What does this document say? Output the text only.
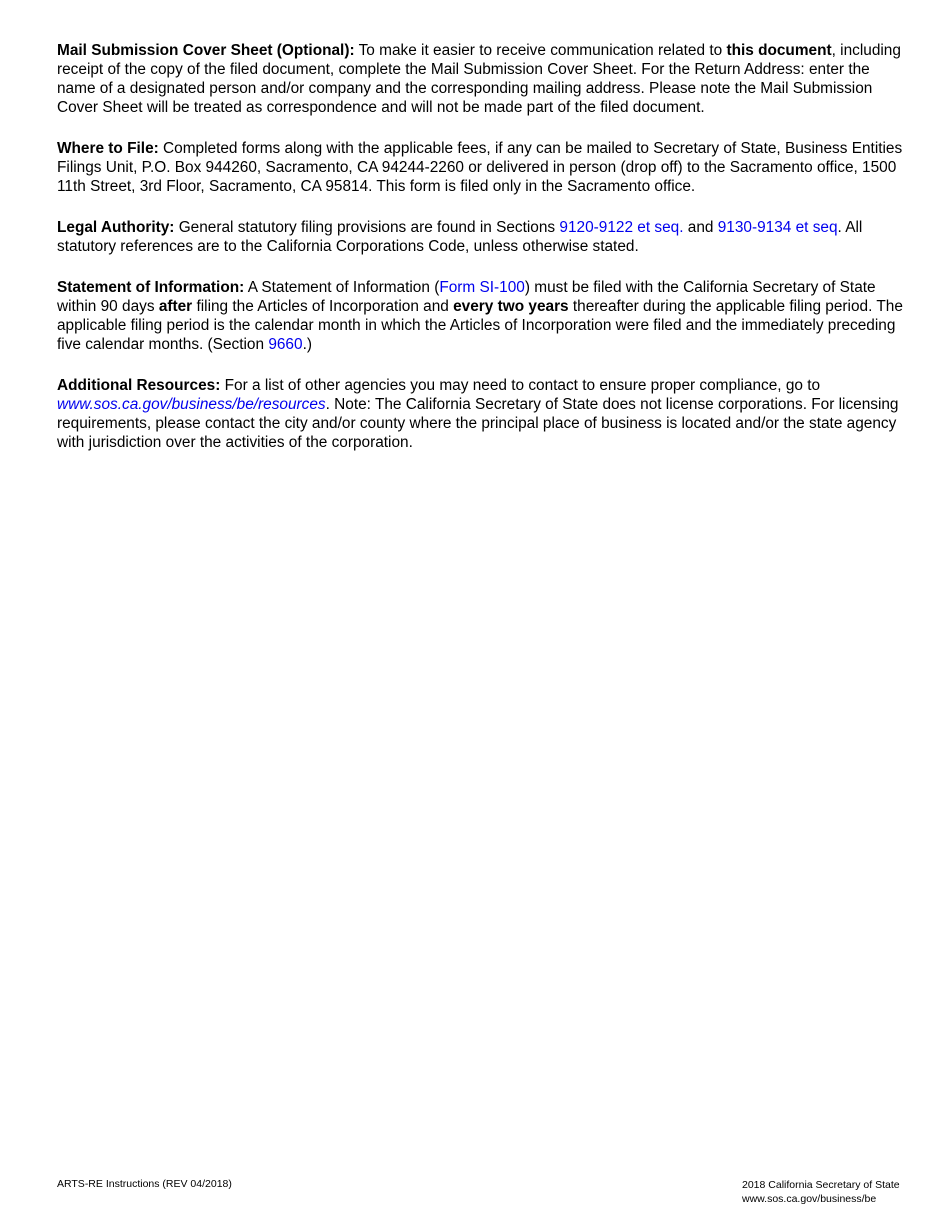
Mail Submission Cover Sheet (Optional): To make it easier to receive communication related to this document, including receipt of the copy of the filed document, complete the Mail Submission Cover Sheet. For the Return Address: enter the name of a designated person and/or company and the corresponding mailing address. Please note the Mail Submission Cover Sheet will be treated as correspondence and will not be made part of the filed document.

Where to File: Completed forms along with the applicable fees, if any can be mailed to Secretary of State, Business Entities Filings Unit, P.O. Box 944260, Sacramento, CA 94244-2260 or delivered in person (drop off) to the Sacramento office, 1500 11th Street, 3rd Floor, Sacramento, CA 95814. This form is filed only in the Sacramento office.

Legal Authority: General statutory filing provisions are found in Sections 9120-9122 et seq. and 9130-9134 et seq. All statutory references are to the California Corporations Code, unless otherwise stated.

Statement of Information: A Statement of Information (Form SI-100) must be filed with the California Secretary of State within 90 days after filing the Articles of Incorporation and every two years thereafter during the applicable filing period. The applicable filing period is the calendar month in which the Articles of Incorporation were filed and the immediately preceding five calendar months. (Section 9660.)

Additional Resources: For a list of other agencies you may need to contact to ensure proper compliance, go to www.sos.ca.gov/business/be/resources. Note: The California Secretary of State does not license corporations. For licensing requirements, please contact the city and/or county where the principal place of business is located and/or the state agency with jurisdiction over the activities of the corporation.

ARTS-RE Instructions (REV 04/2018)	2018 California Secretary of State
www.sos.ca.gov/business/be
